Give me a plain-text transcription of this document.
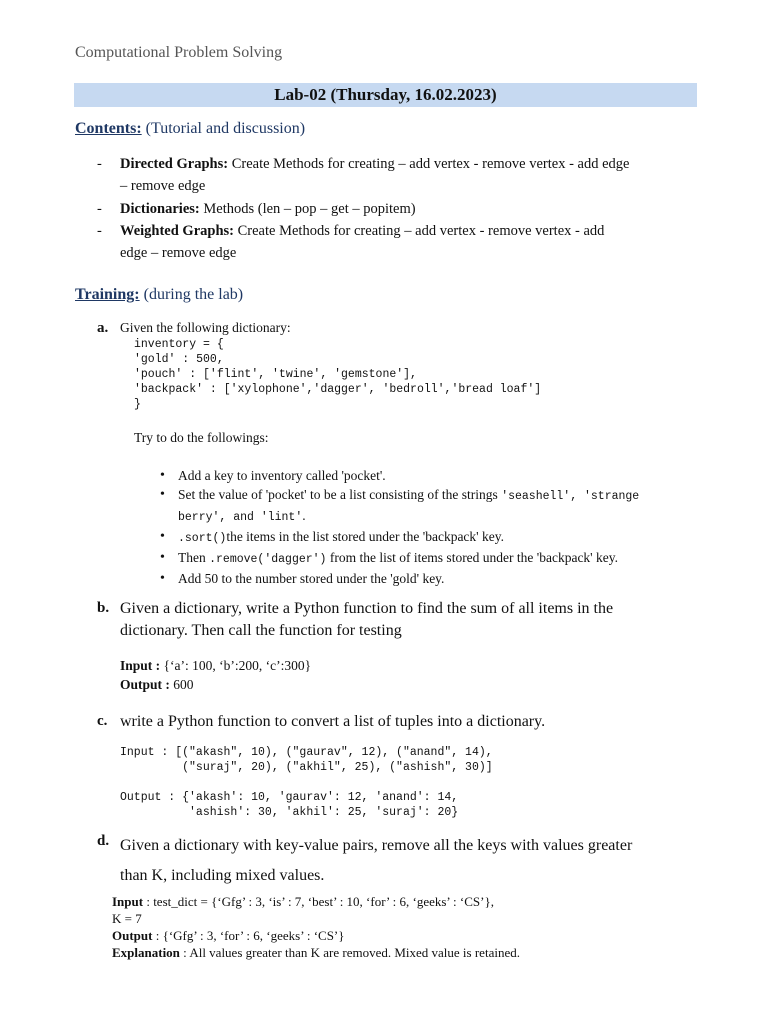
Computational Problem Solving
Lab-02 (Thursday, 16.02.2023)
Contents: (Tutorial and discussion)
- Directed Graphs: Create Methods for creating – add vertex - remove vertex - add edge
– remove edge
- Dictionaries: Methods (len – pop – get – popitem)
- Weighted Graphs: Create Methods for creating – add vertex - remove vertex - add
edge – remove edge
Training: (during the lab)
a. Given the following dictionary:
inventory = {
'gold' : 500,
'pouch' : ['flint', 'twine', 'gemstone'],
'backpack' : ['xylophone','dagger', 'bedroll','bread loaf']
}
Try to do the followings:
• Add a key to inventory called 'pocket'.
• Set the value of 'pocket' to be a list consisting of the strings 'seashell', 'strange
berry', and 'lint'.
• .sort()the items in the list stored under the 'backpack' key.
• Then .remove('dagger') from the list of items stored under the 'backpack' key.
• Add 50 to the number stored under the 'gold' key.
b. Given a dictionary, write a Python function to find the sum of all items in the
dictionary. Then call the function for testing
Input : {‘a’: 100, ‘b’:200, ‘c’:300}
Output : 600
c. write a Python function to convert a list of tuples into a dictionary.
Input : [("akash", 10), ("gaurav", 12), ("anand", 14),
("suraj", 20), ("akhil", 25), ("ashish", 30)]

Output : {'akash': 10, 'gaurav': 12, 'anand': 14,
'ashish': 30, 'akhil': 25, 'suraj': 20}
d. Given a dictionary with key-value pairs, remove all the keys with values greater
than K, including mixed values.
Input : test_dict = {‘Gfg’ : 3, ‘is’ : 7, ‘best’ : 10, ‘for’ : 6, ‘geeks’ : ‘CS’},
K = 7
Output : {‘Gfg’ : 3, ‘for’ : 6, ‘geeks’ : ‘CS’}
Explanation : All values greater than K are removed. Mixed value is retained.
